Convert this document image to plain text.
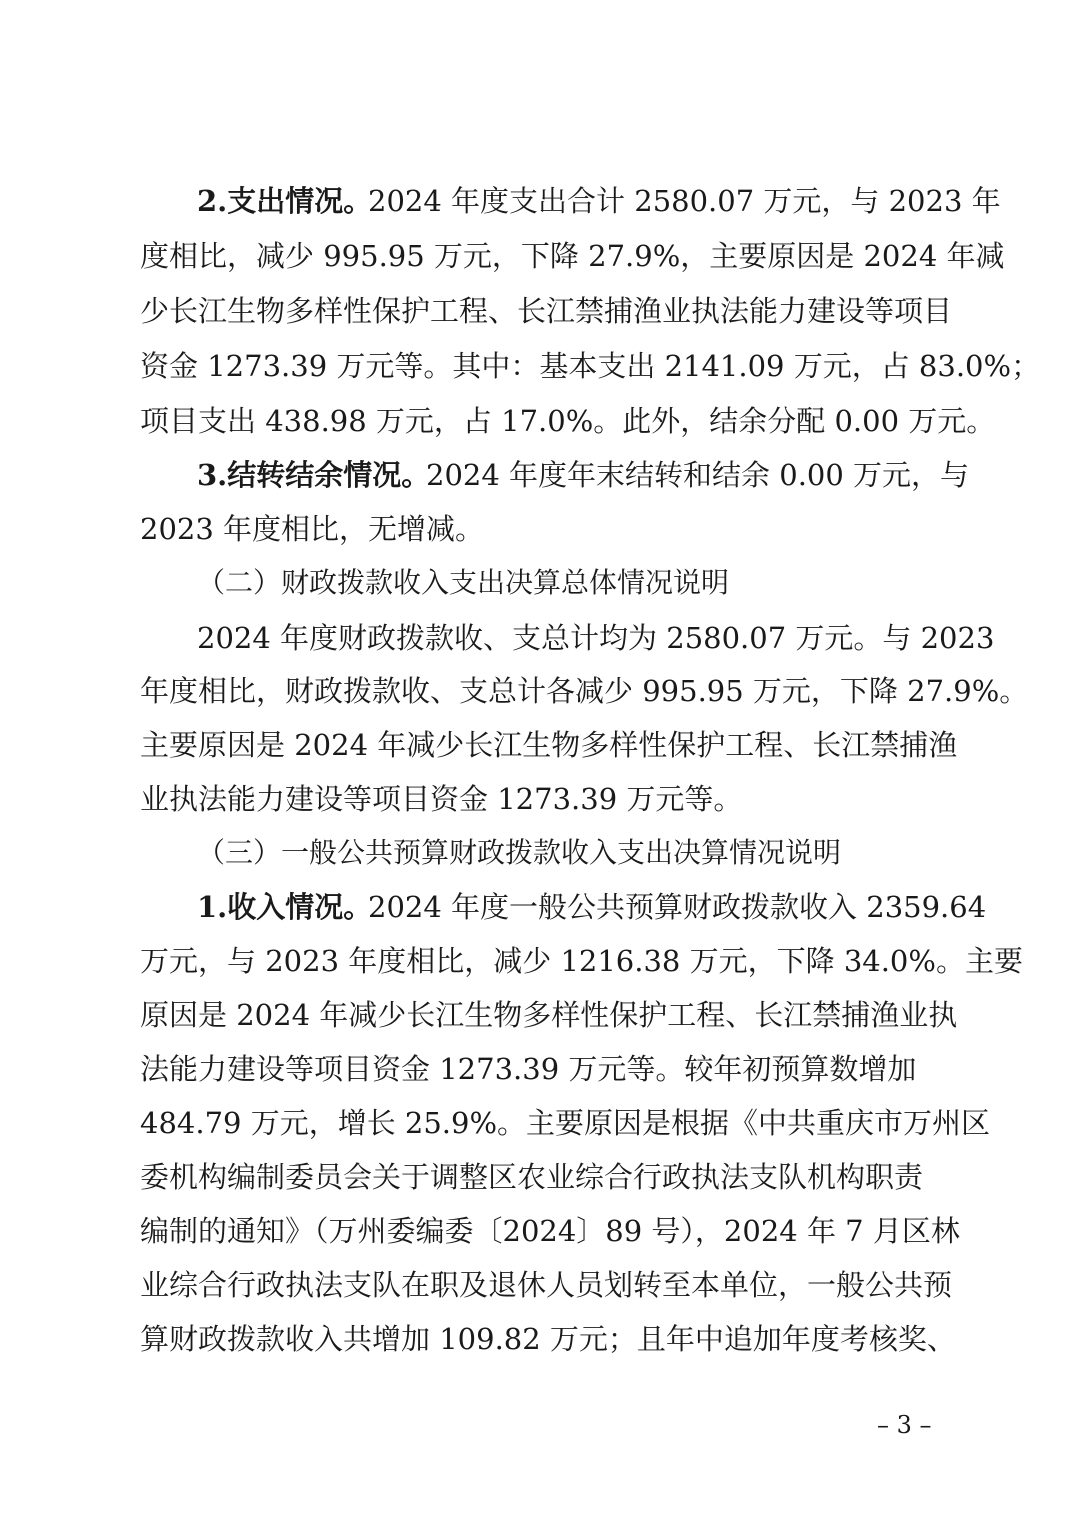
2.支出情况。
2024 年度支出合计 2580.07 万元，与 2023 年
度相比，减少 995.95 万元，下降 27.9%，主要原因是 2024 年减
少长江生物多样性保护工程、长江禁捕渔业执法能力建设等项目
资金 1273.39 万元等。其中：基本支出 2141.09 万元，占 83.0%；
项目支出 438.98 万元，占 17.0%。此外，结余分配 0.00 万元。
3.结转结余情况。
2024 年度年末结转和结余 0.00 万元，与
2023 年度相比，无增减。
（二）财政拨款收入支出决算总体情况说明
2024 年度财政拨款收、支总计均为 2580.07 万元。与 2023
年度相比，财政拨款收、支总计各减少 995.95 万元，下降 27.9%。
主要原因是 2024 年减少长江生物多样性保护工程、长江禁捕渔
业执法能力建设等项目资金 1273.39 万元等。
（三）一般公共预算财政拨款收入支出决算情况说明
1.收入情况。
2024 年度一般公共预算财政拨款收入 2359.64
万元，与 2023 年度相比，减少 1216.38 万元，下降 34.0%。主要
原因是 2024 年减少长江生物多样性保护工程、长江禁捕渔业执
法能力建设等项目资金 1273.39 万元等。较年初预算数增加
484.79 万元，增长 25.9%。主要原因是根据《中共重庆市万州区
委机构编制委员会关于调整区农业综合行政执法支队机构职责
编制的通知》（万州委编委〔2024〕89 号），2024 年 7 月区林
业综合行政执法支队在职及退休人员划转至本单位，一般公共预
算财政拨款收入共增加 109.82 万元；且年中追加年度考核奖、
– 3 –
